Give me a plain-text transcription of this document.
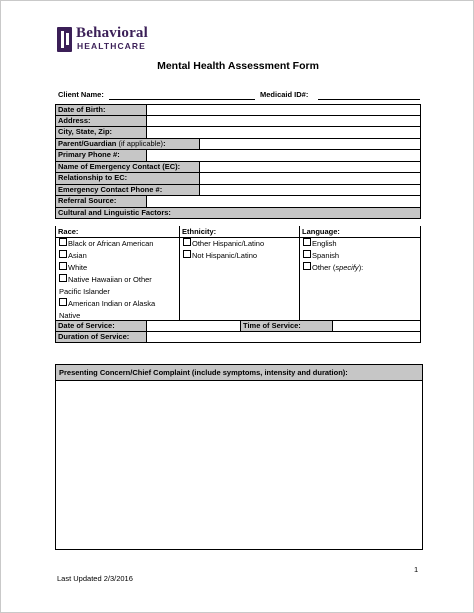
Behavioral
HEALTHCARE
Mental Health Assessment Form
Client Name:	Medicaid ID#:
Date of Birth:
Address:
City, State, Zip:
Parent/Guardian (if applicable):
Primary Phone #:
Name of Emergency Contact (EC):
Relationship to EC:
Emergency Contact Phone #:
Referral Source:
Cultural and Linguistic Factors:
Race:
Black or African American
Asian
White
Native Hawaiian or Other
Pacific Islander
American Indian or Alaska
Native
Ethnicity:
Other Hispanic/Latino
Not Hispanic/Latino
Language:
English
Spanish
Other (specify):
Date of Service:	Time of Service:
Duration of Service:
Presenting Concern/Chief Complaint (include symptoms, intensity and duration):
1
Last Updated 2/3/2016
